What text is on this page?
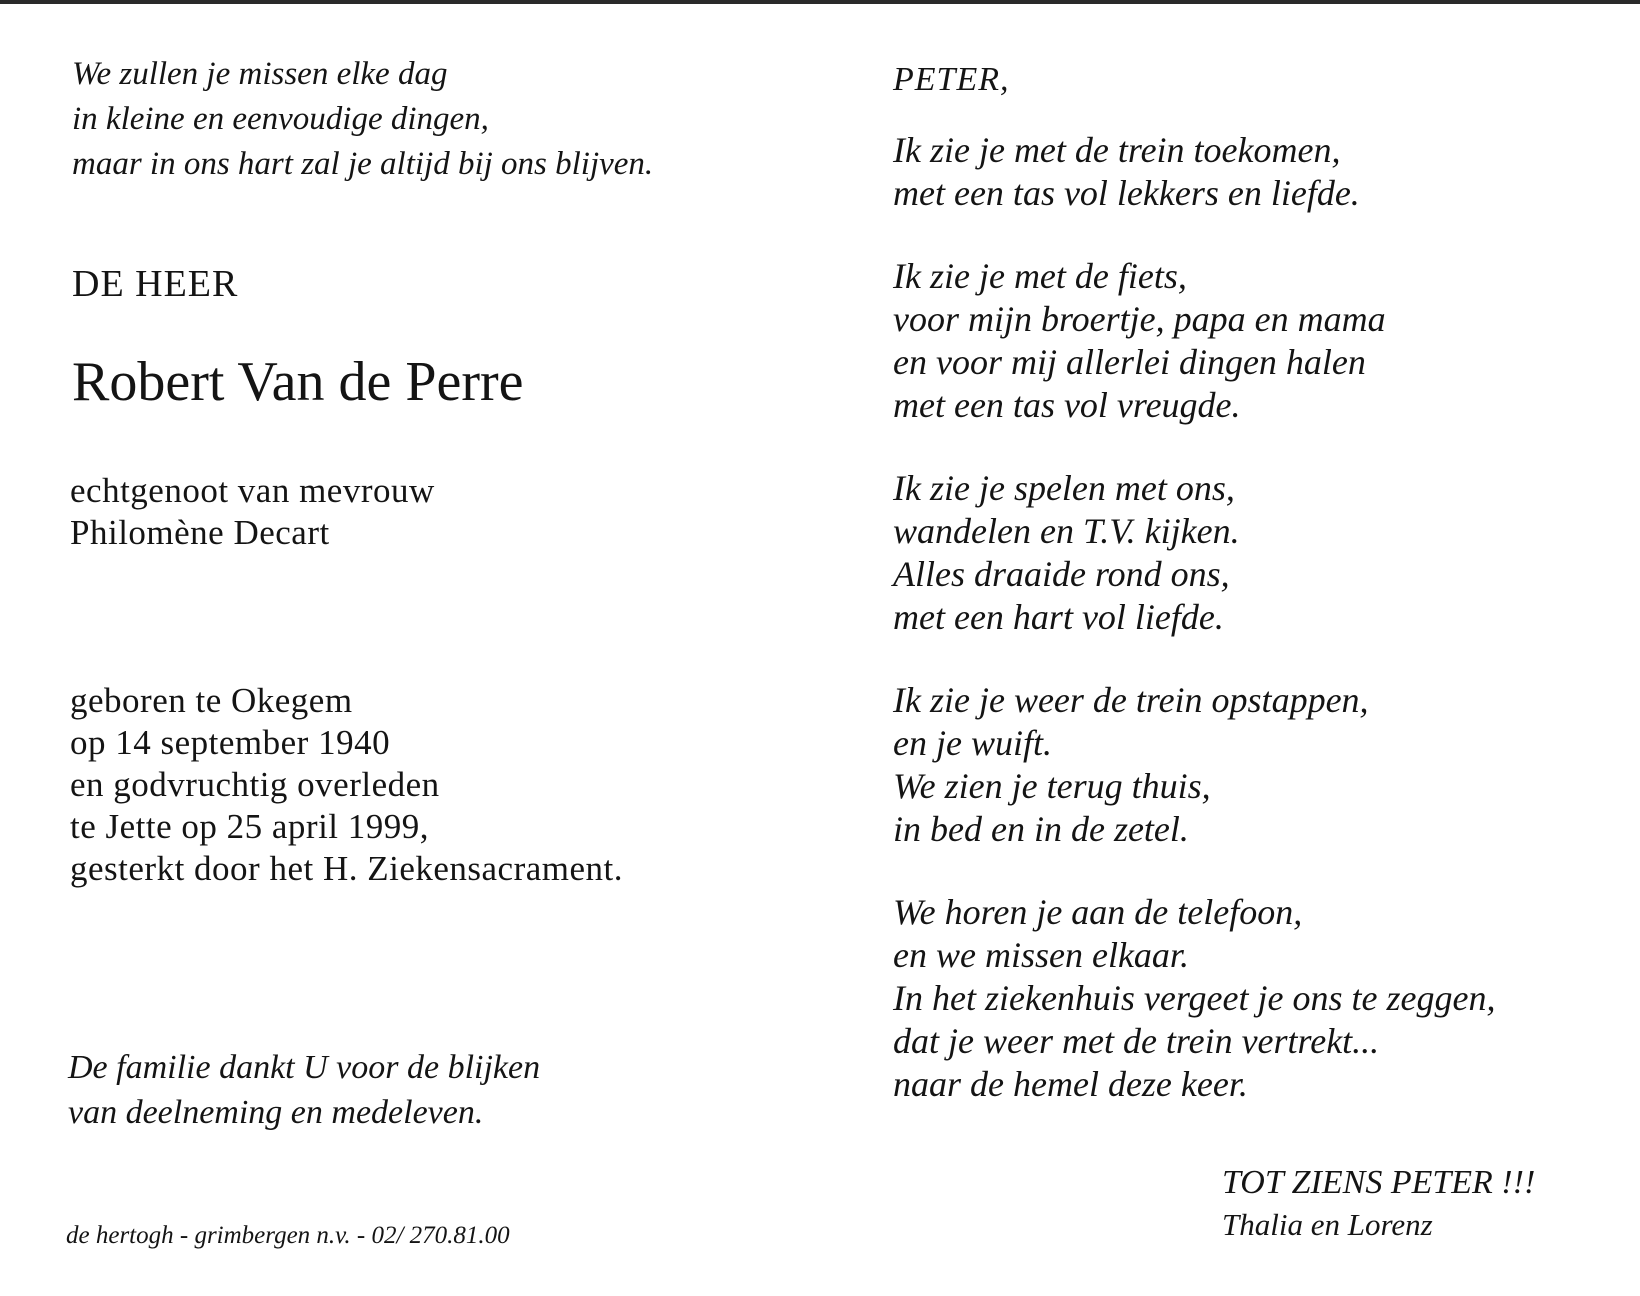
We zullen je missen elke dag
in kleine en eenvoudige dingen,
maar in ons hart zal je altijd bij ons blijven.
DE HEER
Robert Van de Perre
echtgenoot van mevrouw
Philomène Decart
geboren te Okegem
op 14 september 1940
en godvruchtig overleden
te Jette op 25 april 1999,
gesterkt door het H. Ziekensacrament.
De familie dankt U voor de blijken
van deelneming en medeleven.
de hertogh - grimbergen n.v. - 02/ 270.81.00
PETER,
Ik zie je met de trein toekomen,
met een tas vol lekkers en liefde.
Ik zie je met de fiets,
voor mijn broertje, papa en mama
en voor mij allerlei dingen halen
met een tas vol vreugde.
Ik zie je spelen met ons,
wandelen en T.V. kijken.
Alles draaide rond ons,
met een hart vol liefde.
Ik zie je weer de trein opstappen,
en je wuift.
We zien je terug thuis,
in bed en in de zetel.
We horen je aan de telefoon,
en we missen elkaar.
In het ziekenhuis vergeet je ons te zeggen,
dat je weer met de trein vertrekt...
naar de hemel deze keer.
TOT ZIENS PETER !!!
Thalia en Lorenz
